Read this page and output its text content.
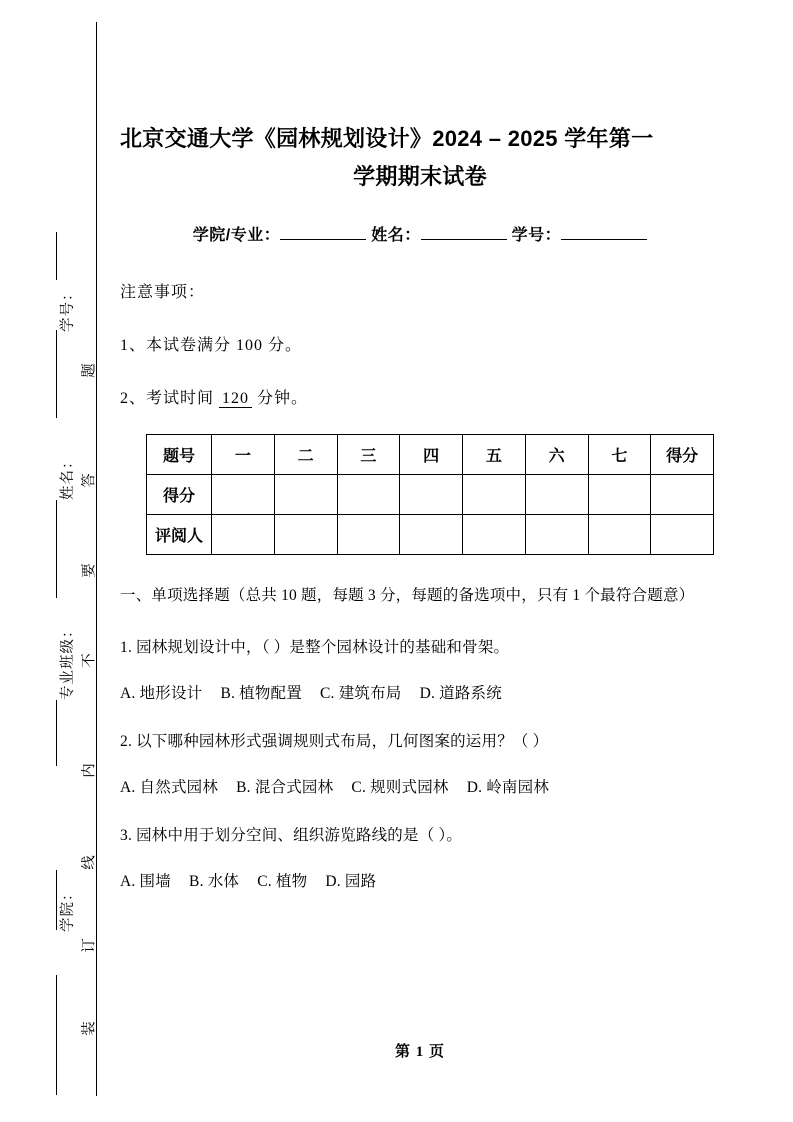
学号：
姓名：
专业班级：
学院：
题
答
要
不
内
线
订
装
北京交通大学《园林规划设计》2024 – 2025 学年第一
学期期末试卷

学院/专业：	姓名：	学号：

注意事项：

1、本试卷满分 100 分。

2、考试时间 120 分钟。

题号	一	二	三	四	五	六	七	得分
得分								
评阅人								

一、单项选择题（总共 10 题，每题 3 分，每题的备选项中，只有 1 个最符合题意）

1. 园林规划设计中，（ ）是整个园林设计的基础和骨架。

A. 地形设计 B. 植物配置 C. 建筑布局 D. 道路系统

2. 以下哪种园林形式强调规则式布局，几何图案的运用？（ ）

A. 自然式园林 B. 混合式园林 C. 规则式园林 D. 岭南园林

3. 园林中用于划分空间、组织游览路线的是（ ）。

A. 围墙 B. 水体 C. 植物 D. 园路

第 1 页
